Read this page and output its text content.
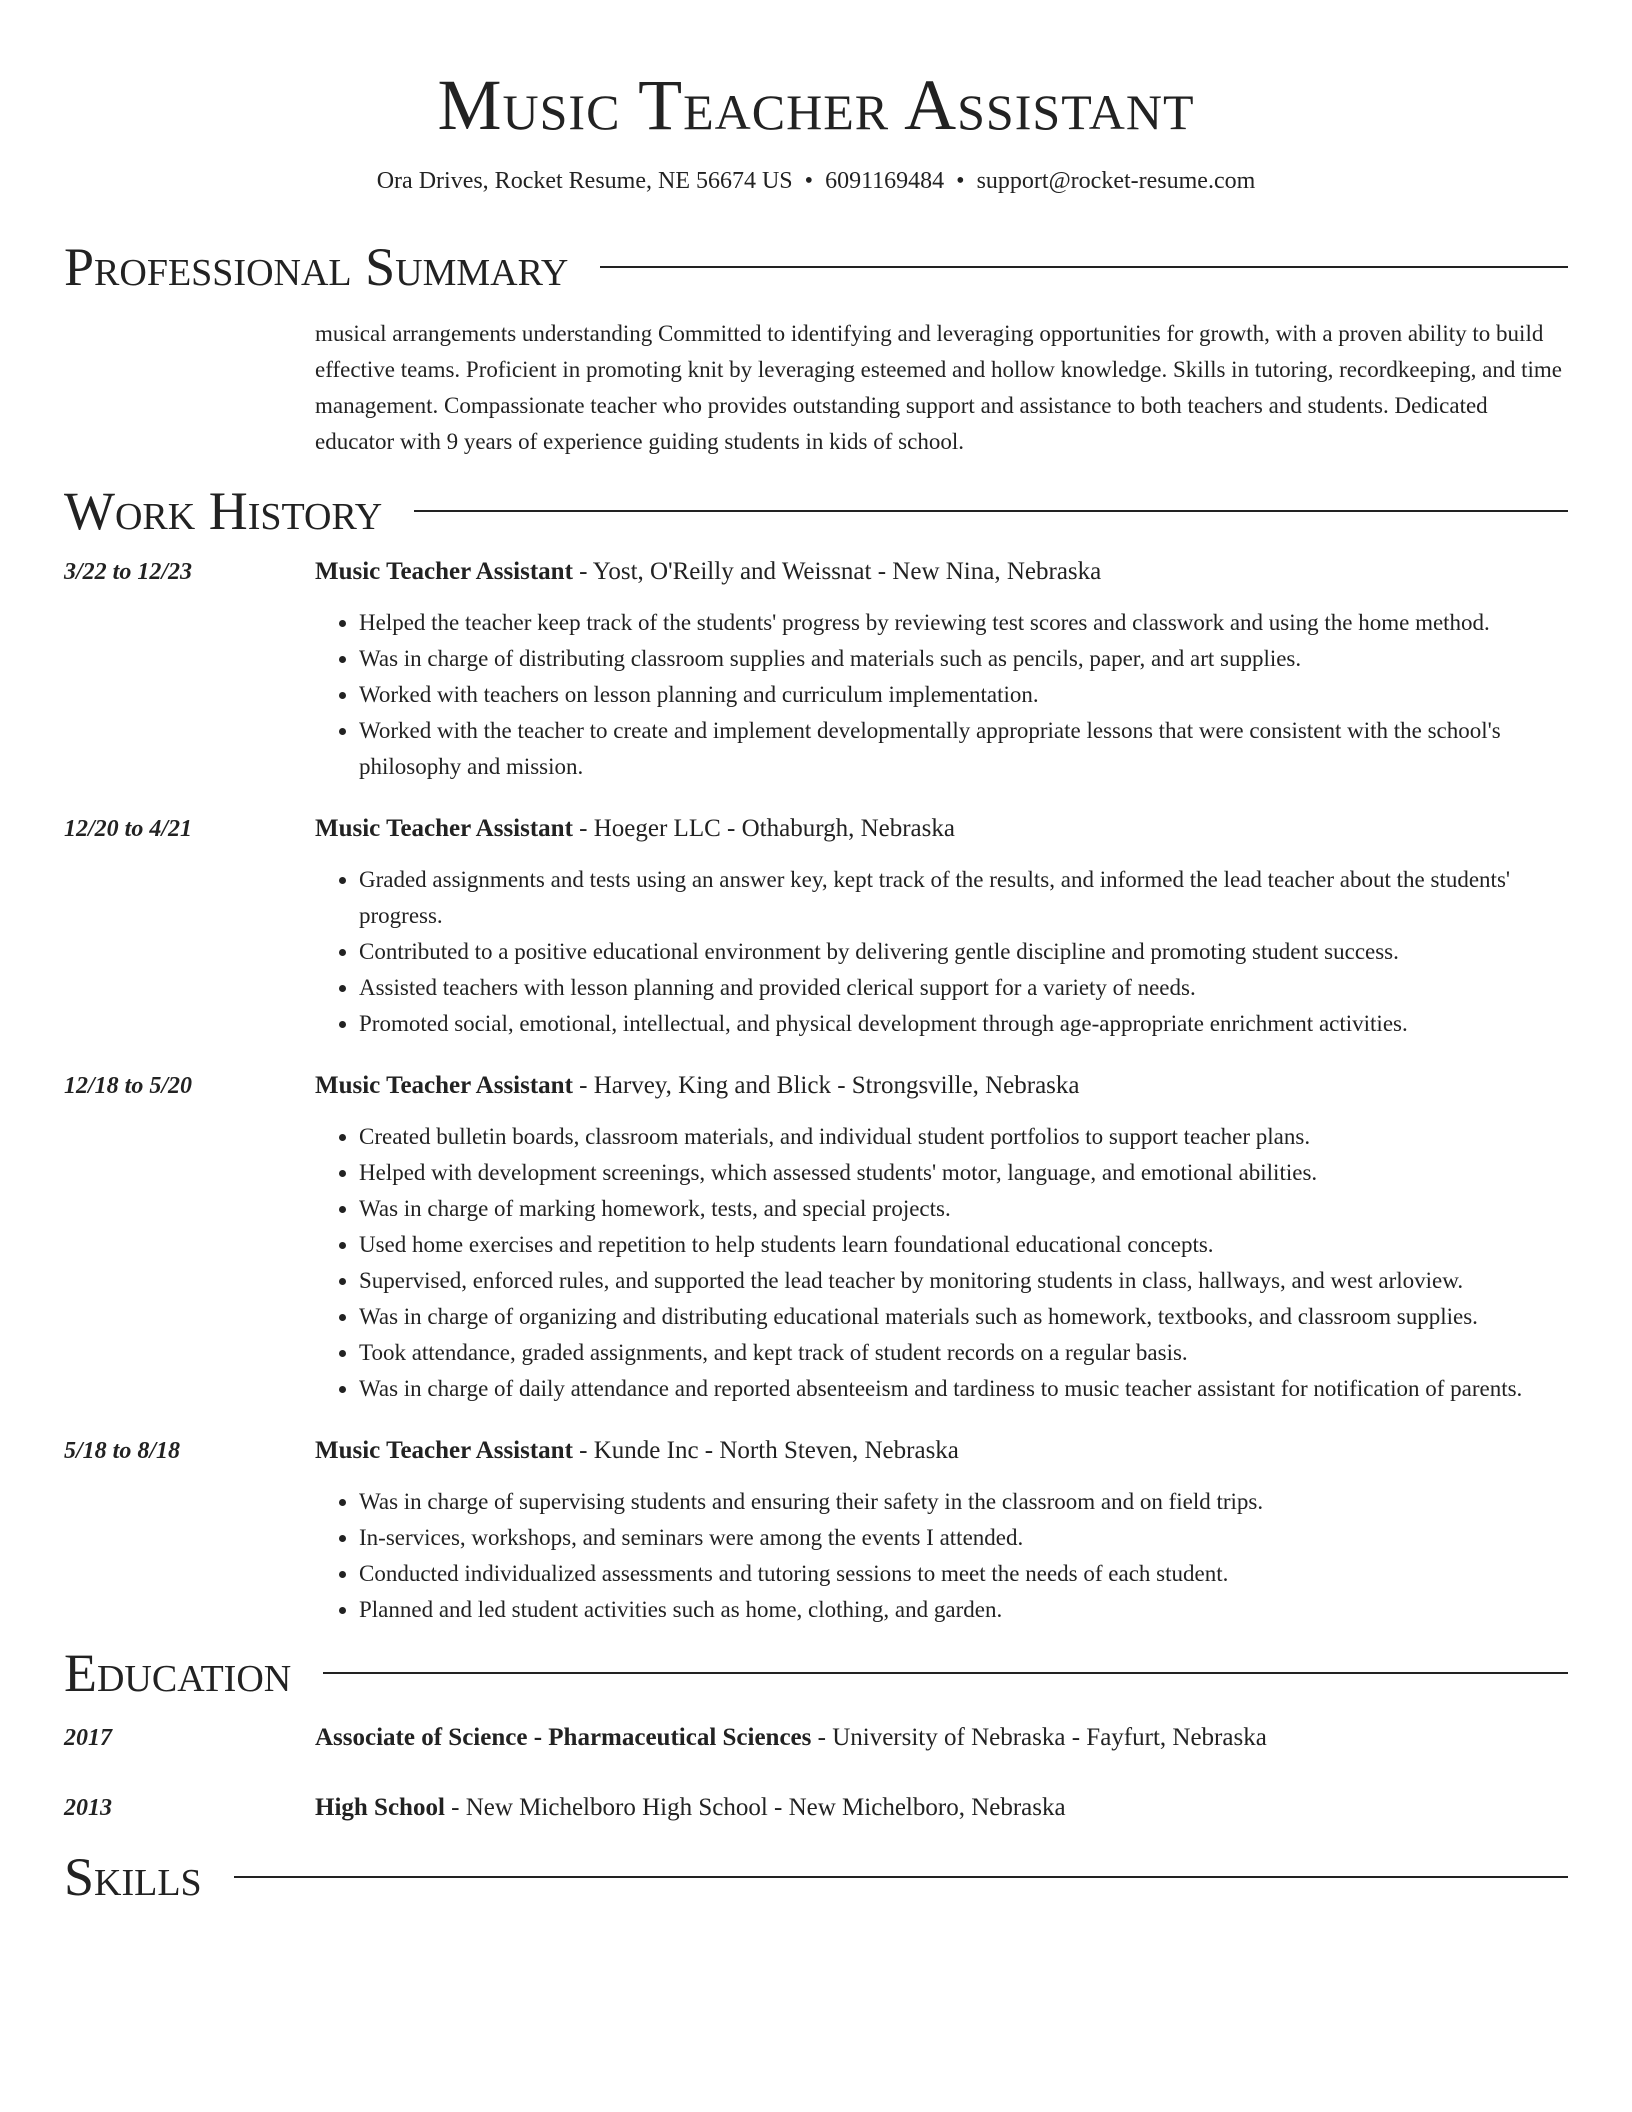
Music Teacher Assistant
Ora Drives, Rocket Resume, NE 56674 US • 6091169484 • support@rocket-resume.com
Professional Summary
musical arrangements understanding Committed to identifying and leveraging opportunities for growth, with a proven ability to build effective teams. Proficient in promoting knit by leveraging esteemed and hollow knowledge. Skills in tutoring, recordkeeping, and time management. Compassionate teacher who provides outstanding support and assistance to both teachers and students. Dedicated educator with 9 years of experience guiding students in kids of school.
Work History
3/22 to 12/23	Music Teacher Assistant - Yost, O'Reilly and Weissnat - New Nina, Nebraska
• Helped the teacher keep track of the students' progress by reviewing test scores and classwork and using the home method.
• Was in charge of distributing classroom supplies and materials such as pencils, paper, and art supplies.
• Worked with teachers on lesson planning and curriculum implementation.
• Worked with the teacher to create and implement developmentally appropriate lessons that were consistent with the school's philosophy and mission.
12/20 to 4/21	Music Teacher Assistant - Hoeger LLC - Othaburgh, Nebraska
• Graded assignments and tests using an answer key, kept track of the results, and informed the lead teacher about the students' progress.
• Contributed to a positive educational environment by delivering gentle discipline and promoting student success.
• Assisted teachers with lesson planning and provided clerical support for a variety of needs.
• Promoted social, emotional, intellectual, and physical development through age-appropriate enrichment activities.
12/18 to 5/20	Music Teacher Assistant - Harvey, King and Blick - Strongsville, Nebraska
• Created bulletin boards, classroom materials, and individual student portfolios to support teacher plans.
• Helped with development screenings, which assessed students' motor, language, and emotional abilities.
• Was in charge of marking homework, tests, and special projects.
• Used home exercises and repetition to help students learn foundational educational concepts.
• Supervised, enforced rules, and supported the lead teacher by monitoring students in class, hallways, and west arloview.
• Was in charge of organizing and distributing educational materials such as homework, textbooks, and classroom supplies.
• Took attendance, graded assignments, and kept track of student records on a regular basis.
• Was in charge of daily attendance and reported absenteeism and tardiness to music teacher assistant for notification of parents.
5/18 to 8/18	Music Teacher Assistant - Kunde Inc - North Steven, Nebraska
• Was in charge of supervising students and ensuring their safety in the classroom and on field trips.
• In-services, workshops, and seminars were among the events I attended.
• Conducted individualized assessments and tutoring sessions to meet the needs of each student.
• Planned and led student activities such as home, clothing, and garden.
Education
2017	Associate of Science - Pharmaceutical Sciences - University of Nebraska - Fayfurt, Nebraska
2013	High School - New Michelboro High School - New Michelboro, Nebraska
Skills
